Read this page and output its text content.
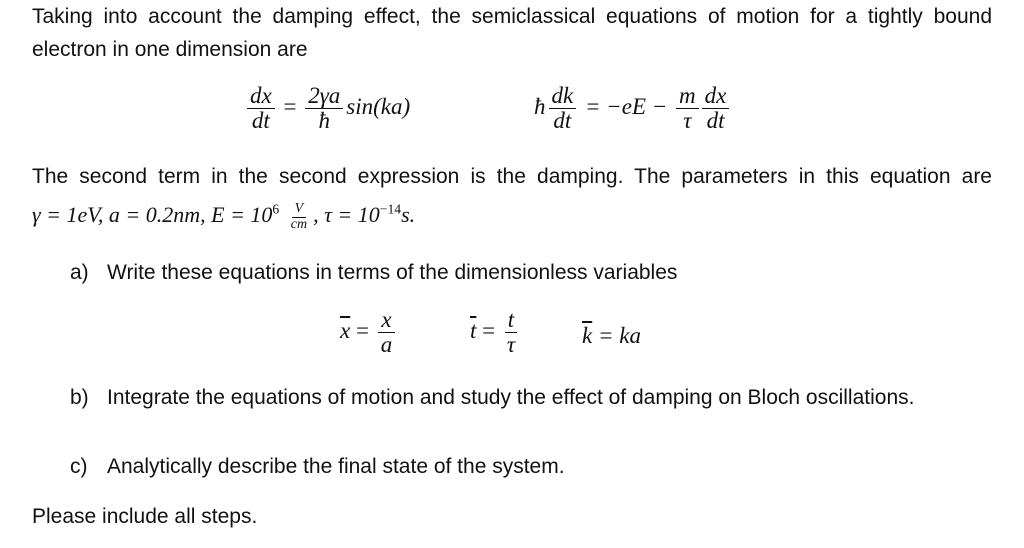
Taking into account the damping effect, the semiclassical equations of motion for a tightly bound electron in one dimension are

$\frac{dx}{dt} = \frac{2\gamma a}{ħ} \sin(ka)$	ħ $\frac{dk}{dt} = -eE - \frac{m}{\tau} \frac{dx}{dt}$

The second term in the second expression is the damping. The parameters in this equation are γ = 1eV, a = 0.2nm, $E = 10^6 \frac{V}{cm}$ , $\tau = 10^{-14}s$.

a) Write these equations in terms of the dimensionless variables
$\overline{x} = \frac{x}{a}$	$\overline{t} = \frac{t}{\tau}$	$\overline{k}$ = ka
b) Integrate the equations of motion and study the effect of damping on Bloch oscillations.
c) Analytically describe the final state of the system.

Please include all steps.
